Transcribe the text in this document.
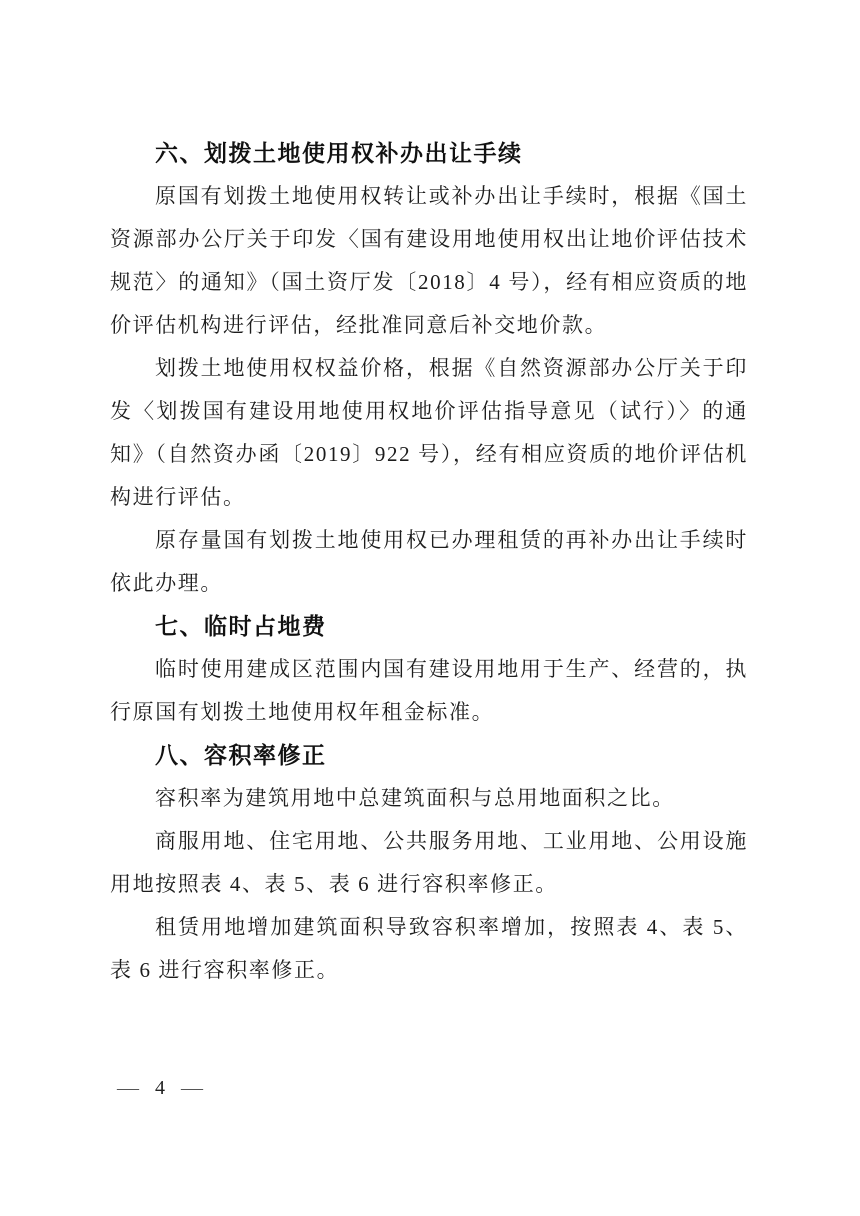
六、划拨土地使用权补办出让手续

原国有划拨土地使用权转让或补办出让手续时，根据《国土资源部办公厅关于印发〈国有建设用地使用权出让地价评估技术规范〉的通知》（国土资厅发〔2018〕4 号），经有相应资质的地价评估机构进行评估，经批准同意后补交地价款。

划拨土地使用权权益价格，根据《自然资源部办公厅关于印发〈划拨国有建设用地使用权地价评估指导意见（试行）〉的通知》（自然资办函〔2019〕922 号），经有相应资质的地价评估机构进行评估。

原存量国有划拨土地使用权已办理租赁的再补办出让手续时依此办理。

七、临时占地费

临时使用建成区范围内国有建设用地用于生产、经营的，执行原国有划拨土地使用权年租金标准。

八、容积率修正

容积率为建筑用地中总建筑面积与总用地面积之比。

商服用地、住宅用地、公共服务用地、工业用地、公用设施用地按照表 4、表 5、表 6 进行容积率修正。

租赁用地增加建筑面积导致容积率增加，按照表 4、表 5、表 6 进行容积率修正。

— 4 —
